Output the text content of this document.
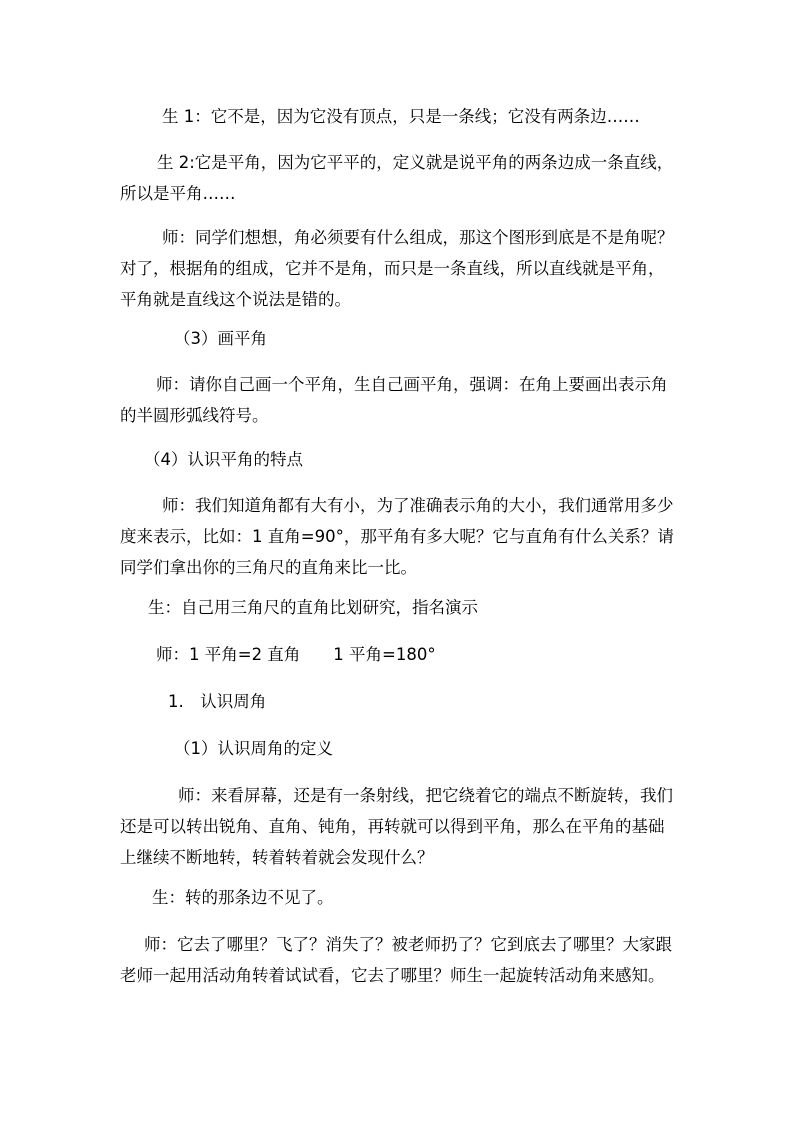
生 1：它不是，因为它没有顶点，只是一条线；它没有两条边……

生 2:它是平角，因为它平平的，定义就是说平角的两条边成一条直线，所以是平角……

师：同学们想想，角必须要有什么组成，那这个图形到底是不是角呢？对了，根据角的组成，它并不是角，而只是一条直线，所以直线就是平角，平角就是直线这个说法是错的。

（3）画平角

师：请你自己画一个平角，生自己画平角，强调：在角上要画出表示角的半圆形弧线符号。

（4）认识平角的特点

师：我们知道角都有大有小，为了准确表示角的大小，我们通常用多少度来表示，比如：1 直角=90°，那平角有多大呢？它与直角有什么关系？请同学们拿出你的三角尺的直角来比一比。

生：自己用三角尺的直角比划研究，指名演示

师：1 平角=2 直角　　1 平角=180°

1.　认识周角

（1）认识周角的定义

师：来看屏幕，还是有一条射线，把它绕着它的端点不断旋转，我们还是可以转出锐角、直角、钝角，再转就可以得到平角，那么在平角的基础上继续不断地转，转着转着就会发现什么？

生：转的那条边不见了。

师：它去了哪里？飞了？消失了？被老师扔了？它到底去了哪里？大家跟老师一起用活动角转着试试看，它去了哪里？师生一起旋转活动角来感知。
